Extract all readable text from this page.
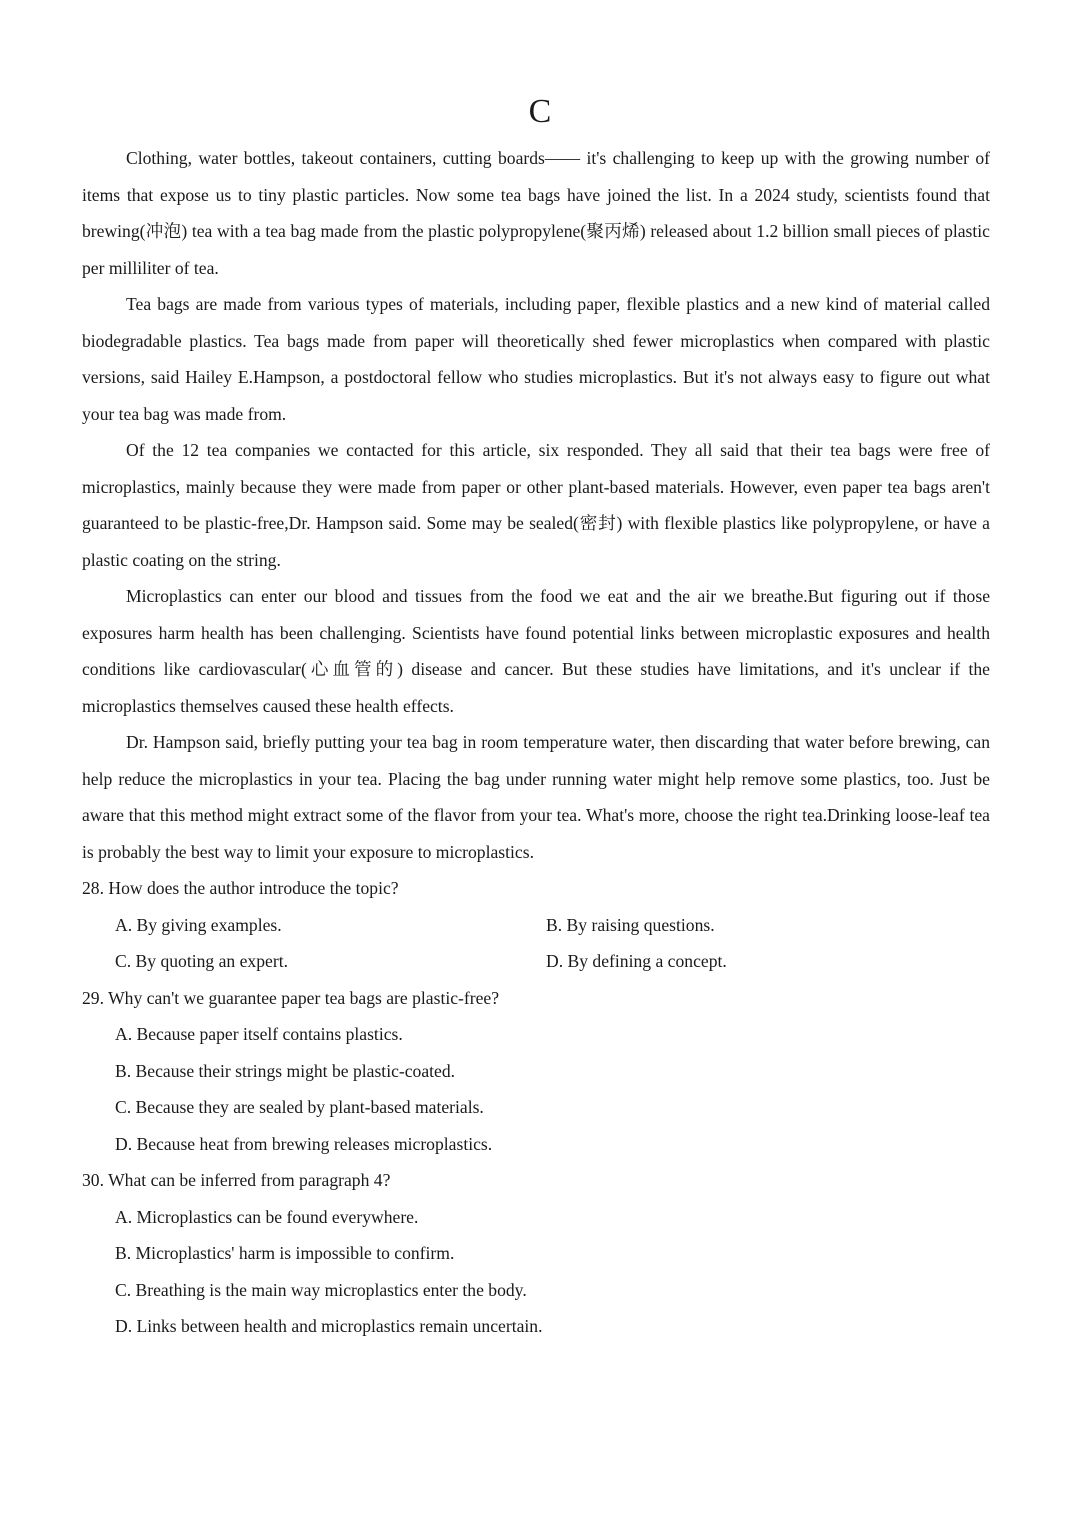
C

Clothing, water bottles, takeout containers, cutting boards—— it's challenging to keep up with the growing number of items that expose us to tiny plastic particles. Now some tea bags have joined the list. In a 2024 study, scientists found that brewing(冲泡) tea with a tea bag made from the plastic polypropylene(聚丙烯) released about 1.2 billion small pieces of plastic per milliliter of tea.

Tea bags are made from various types of materials, including paper, flexible plastics and a new kind of material called biodegradable plastics. Tea bags made from paper will theoretically shed fewer microplastics when compared with plastic versions, said Hailey E.Hampson, a postdoctoral fellow who studies microplastics. But it's not always easy to figure out what your tea bag was made from.

Of the 12 tea companies we contacted for this article, six responded. They all said that their tea bags were free of microplastics, mainly because they were made from paper or other plant-based materials. However, even paper tea bags aren't guaranteed to be plastic-free,Dr. Hampson said. Some may be sealed(密封) with flexible plastics like polypropylene, or have a plastic coating on the string.

Microplastics can enter our blood and tissues from the food we eat and the air we breathe.But figuring out if those exposures harm health has been challenging. Scientists have found potential links between microplastic exposures and health conditions like cardiovascular(心血管的) disease and cancer. But these studies have limitations, and it's unclear if the microplastics themselves caused these health effects.

Dr. Hampson said, briefly putting your tea bag in room temperature water, then discarding that water before brewing, can help reduce the microplastics in your tea. Placing the bag under running water might help remove some plastics, too. Just be aware that this method might extract some of the flavor from your tea. What's more, choose the right tea.Drinking loose-leaf tea is probably the best way to limit your exposure to microplastics.

28. How does the author introduce the topic?

A. By giving examples.	B. By raising questions.

C. By quoting an expert.	D. By defining a concept.

29. Why can't we guarantee paper tea bags are plastic-free?

A. Because paper itself contains plastics.

B. Because their strings might be plastic-coated.

C. Because they are sealed by plant-based materials.

D. Because heat from brewing releases microplastics.

30. What can be inferred from paragraph 4?

A. Microplastics can be found everywhere.

B. Microplastics' harm is impossible to confirm.

C. Breathing is the main way microplastics enter the body.

D. Links between health and microplastics remain uncertain.
